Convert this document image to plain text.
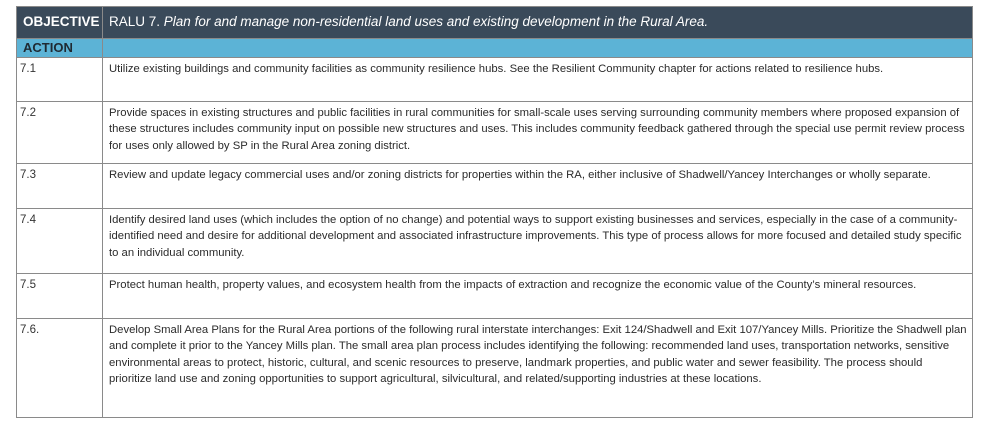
OBJECTIVE	RALU 7. Plan for and manage non-residential land uses and existing development in the Rural Area.
ACTION	
7.1	Utilize existing buildings and community facilities as community resilience hubs. See the Resilient Community chapter for actions related to resilience hubs.
7.2	Provide spaces in existing structures and public facilities in rural communities for small-scale uses serving surrounding community members where proposed expansion of these structures includes community input on possible new structures and uses. This includes community feedback gathered through the special use permit review process for uses only allowed by SP in the Rural Area zoning district.
7.3	Review and update legacy commercial uses and/or zoning districts for properties within the RA, either inclusive of Shadwell/Yancey Interchanges or wholly separate.
7.4	Identify desired land uses (which includes the option of no change) and potential ways to support existing businesses and services, especially in the case of a community-identified need and desire for additional development and associated infrastructure improvements. This type of process allows for more focused and detailed study specific to an individual community.
7.5	Protect human health, property values, and ecosystem health from the impacts of extraction and recognize the economic value of the County’s mineral resources.
7.6.	Develop Small Area Plans for the Rural Area portions of the following rural interstate interchanges: Exit 124/Shadwell and Exit 107/Yancey Mills. Prioritize the Shadwell plan and complete it prior to the Yancey Mills plan. The small area plan process includes identifying the following: recommended land uses, transportation networks, sensitive environmental areas to protect, historic, cultural, and scenic resources to preserve, landmark properties, and public water and sewer feasibility. The process should prioritize land use and zoning opportunities to support agricultural, silvicultural, and related/supporting industries at these locations.
